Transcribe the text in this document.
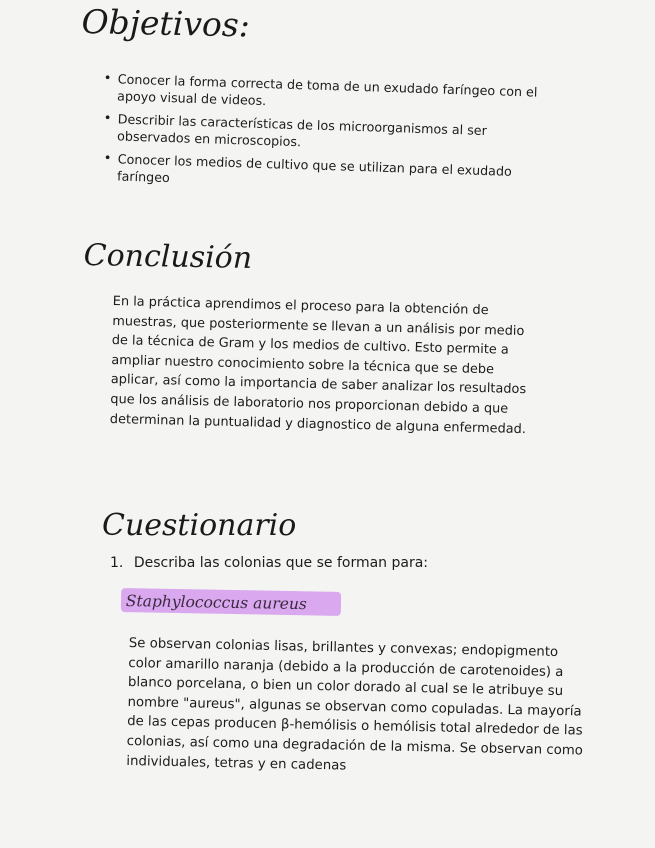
Objetivos:
• Conocer la forma correcta de toma de un exudado faríngeo con el apoyo visual de videos.
• Describir las características de los microorganismos al ser observados en microscopios.
• Conocer los medios de cultivo que se utilizan para el exudado faríngeo
Conclusión

En la práctica aprendimos el proceso para la obtención de muestras, que posteriormente se llevan a un análisis por medio de la técnica de Gram y los medios de cultivo. Esto permite a ampliar nuestro conocimiento sobre la técnica que se debe aplicar, así como la importancia de saber analizar los resultados que los análisis de laboratorio nos proporcionan debido a que determinan la puntualidad y diagnostico de alguna enfermedad.

Cuestionario

1. Describa las colonias que se forman para:

Staphylococcus aureus

Se observan colonias lisas, brillantes y convexas; endopigmento color amarillo naranja (debido a la producción de carotenoides) a blanco porcelana, o bien un color dorado al cual se le atribuye su nombre "aureus", algunas se observan como copuladas. La mayoría de las cepas producen β-hemólisis o hemólisis total alrededor de las colonias, así como una degradación de la misma. Se observan como individuales, tetras y en cadenas
